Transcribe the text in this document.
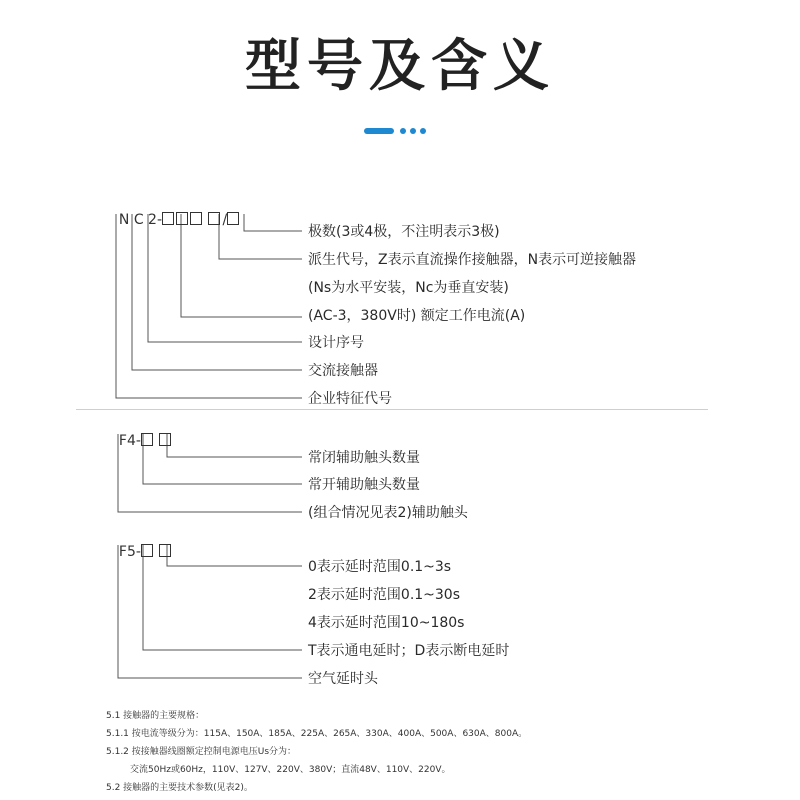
型号及含义

N C 2-	/

极数(3或4极，不注明表示3极)
派生代号，Z表示直流操作接触器，N表示可逆接触器
(Ns为水平安装，Nc为垂直安装)
(AC-3，380V时) 额定工作电流(A)
设计序号
交流接触器
企业特征代号

F4-

常闭辅助触头数量
常开辅助触头数量
(组合情况见表2)辅助触头

F5-

0表示延时范围0.1~3s
2表示延时范围0.1~30s
4表示延时范围10~180s
T表示通电延时；D表示断电延时
空气延时头
5.1 接触器的主要规格：
5.1.1 按电流等级分为：115A、150A、185A、225A、265A、330A、400A、500A、630A、800A。
5.1.2 按接触器线圈额定控制电源电压Us分为：
交流50Hz或60Hz，110V、127V、220V、380V；直流48V、110V、220V。
5.2 接触器的主要技术参数(见表2)。
